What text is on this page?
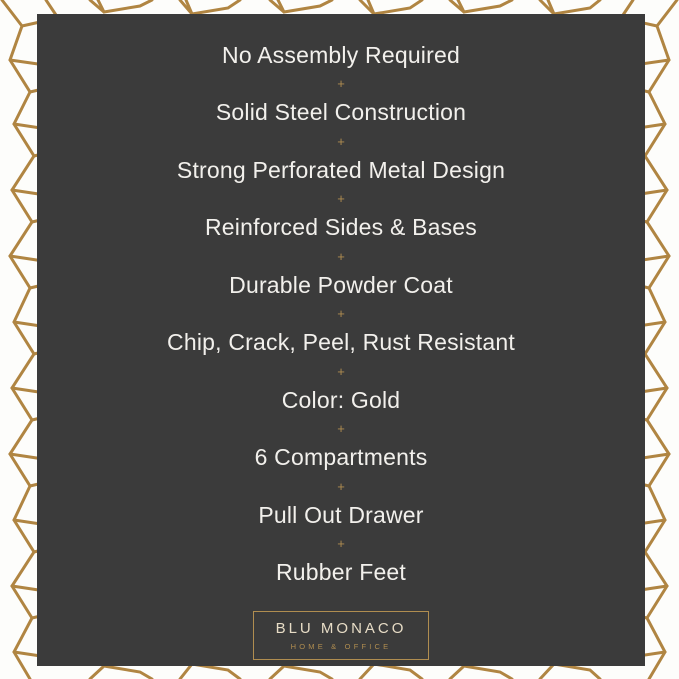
No Assembly Required
+
Solid Steel Construction
+
Strong Perforated Metal Design
+
Reinforced Sides & Bases
+
Durable Powder Coat
+
Chip, Crack, Peel, Rust Resistant
+
Color: Gold
+
6 Compartments
+
Pull Out Drawer
+
Rubber Feet
BLU MONACO
HOME & OFFICE
